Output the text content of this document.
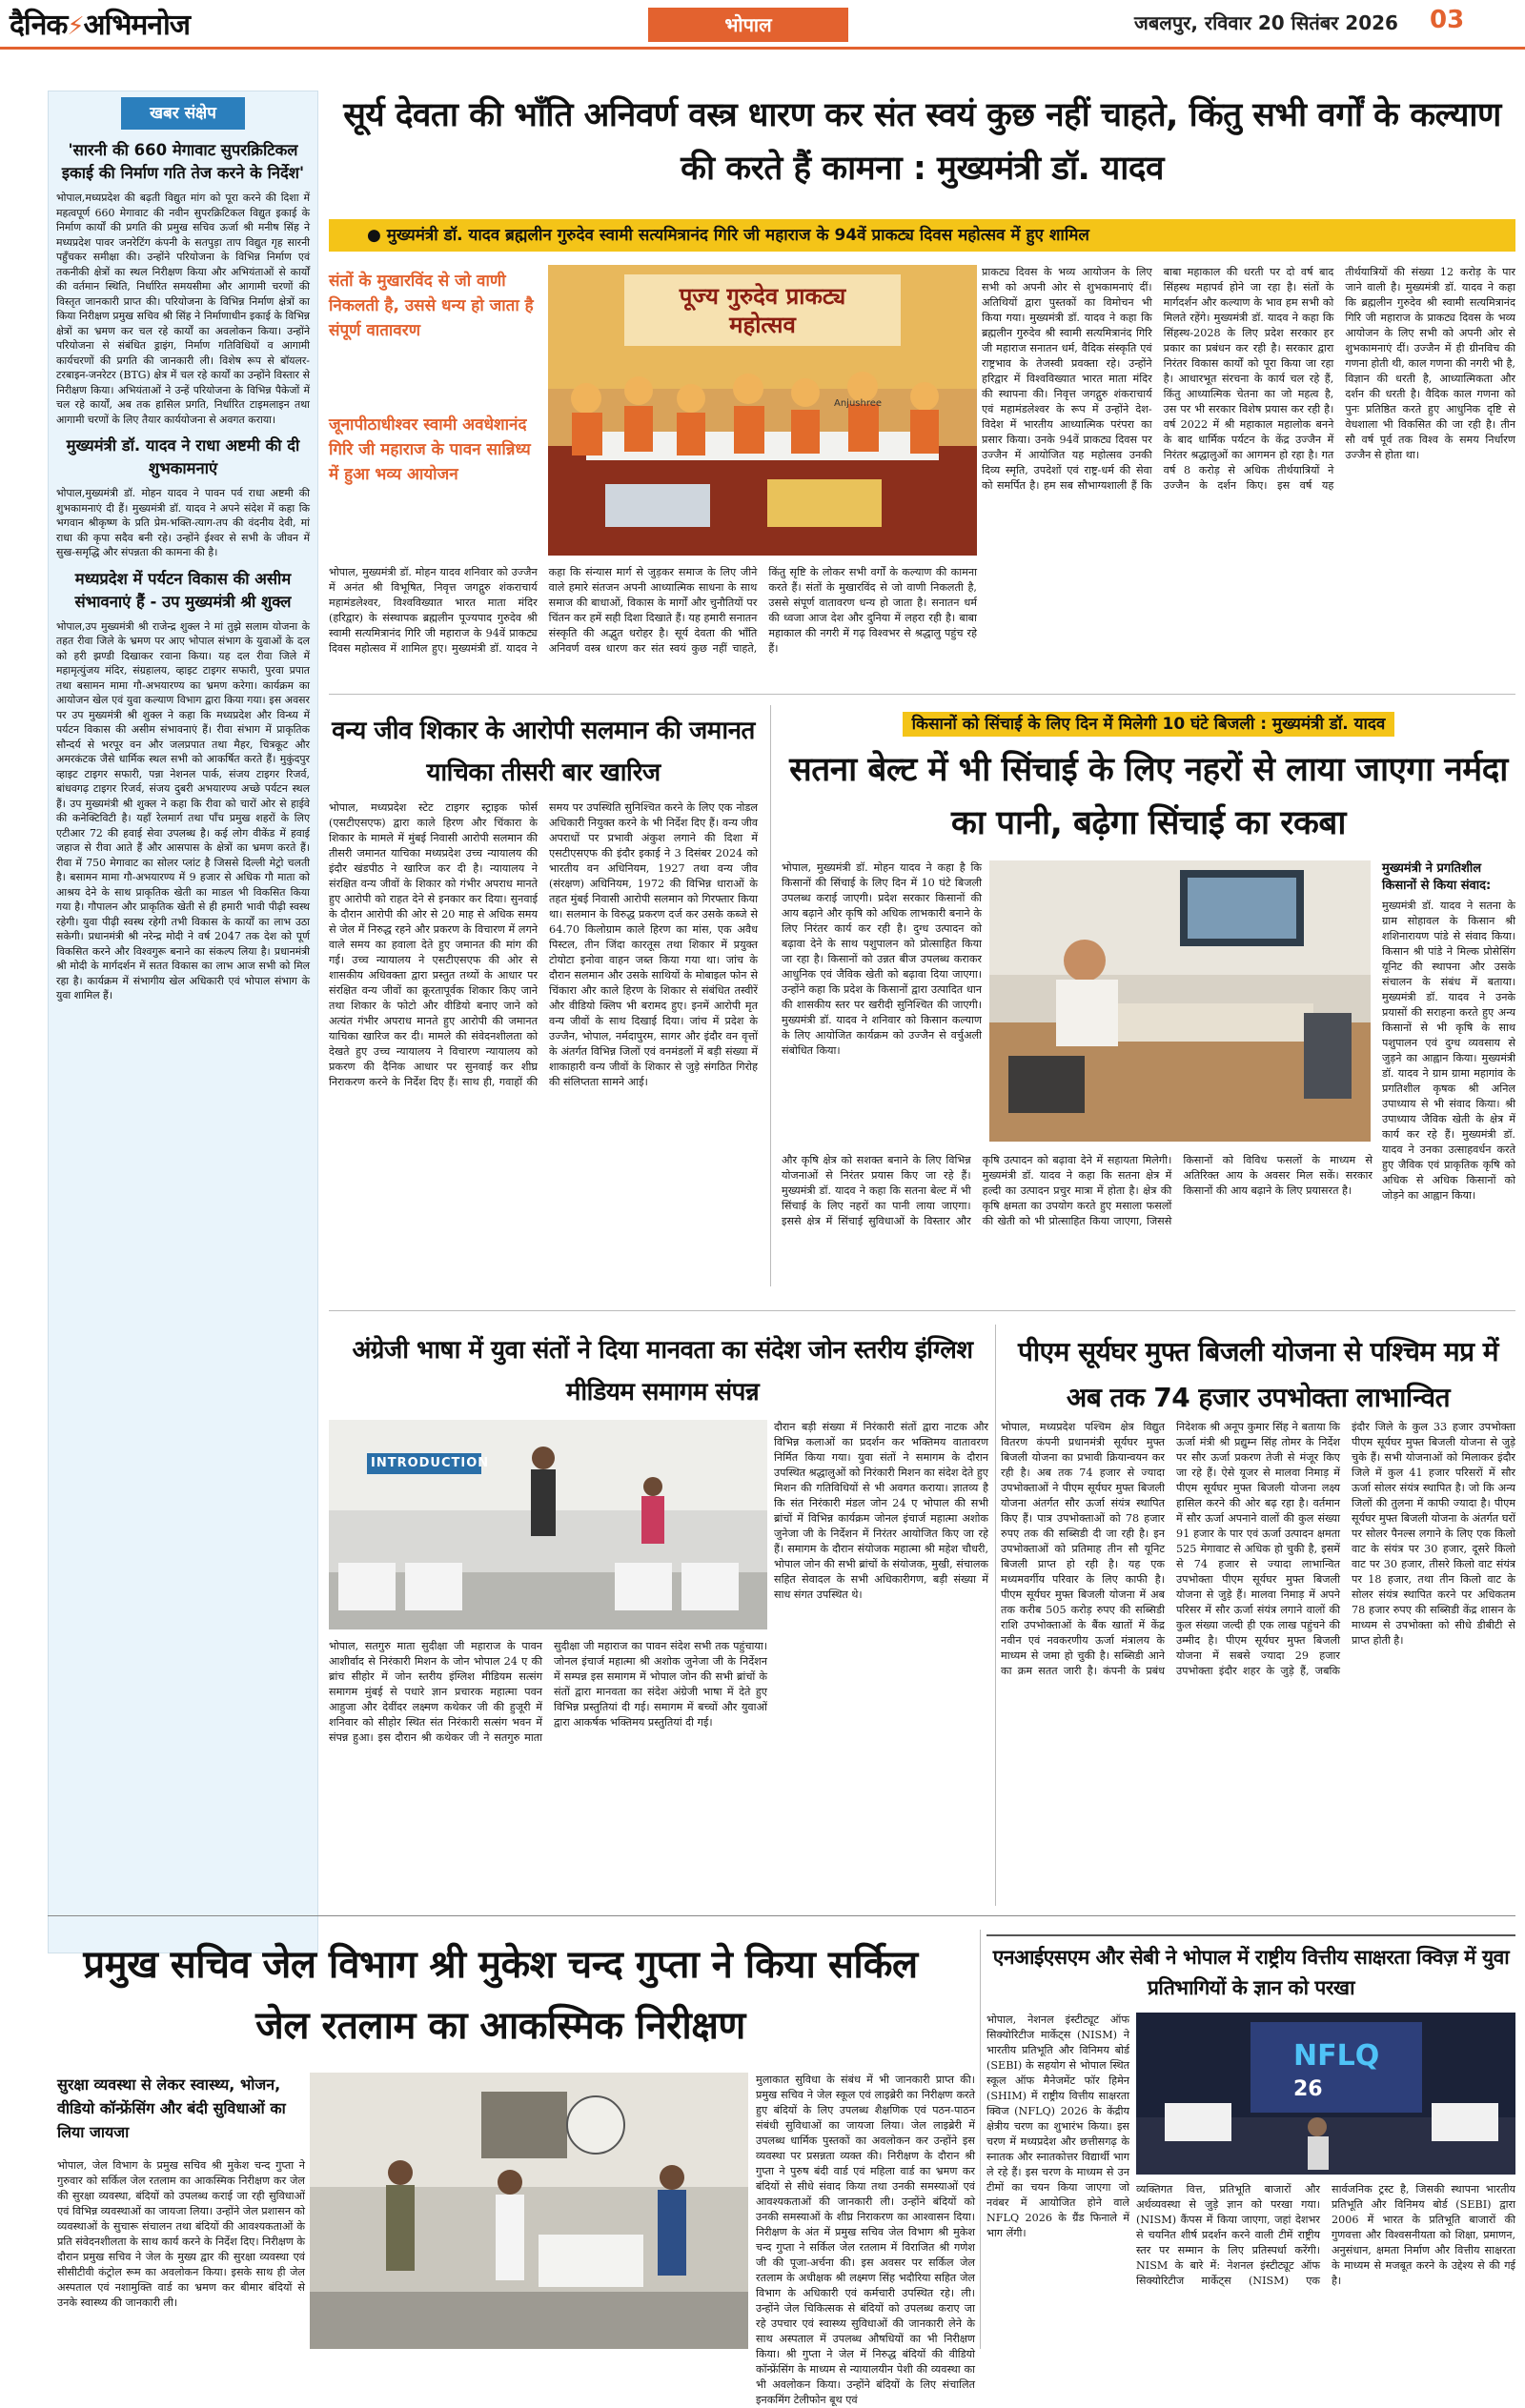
दैनिक⚡अभिमनोज	भोपाल	जबलपुर, रविवार 20 सितंबर 2026 03
खबर संक्षेप
'सारनी की 660 मेगावाट सुपरक्रिटिकल इकाई की निर्माण गति तेज करने के निर्देश'
भोपाल,मध्यप्रदेश की बढ़ती विद्युत मांग को पूरा करने की दिशा में महत्वपूर्ण 660 मेगावाट की नवीन सुपरक्रिटिकल विद्युत इकाई के निर्माण कार्यों की प्रगति की प्रमुख सचिव ऊर्जा श्री मनीष सिंह ने मध्यप्रदेश पावर जनरेटिंग कंपनी के सतपुड़ा ताप विद्युत गृह सारनी पहुँचकर समीक्षा की। उन्होंने परियोजना के विभिन्न निर्माण एवं तकनीकी क्षेत्रों का स्थल निरीक्षण किया और अभियंताओं से कार्यों की वर्तमान स्थिति, निर्धारित समयसीमा और आगामी चरणों की विस्तृत जानकारी प्राप्त की। परियोजना के विभिन्न निर्माण क्षेत्रों का किया निरीक्षण प्रमुख सचिव श्री सिंह ने निर्माणाधीन इकाई के विभिन्न क्षेत्रों का भ्रमण कर चल रहे कार्यों का अवलोकन किया। उन्होंने परियोजना से संबंधित ड्राइंग, निर्माण गतिविधियों व आगामी कार्यचरणों की प्रगति की जानकारी ली। विशेष रूप से बॉयलर-टरबाइन-जनरेटर (BTG) क्षेत्र में चल रहे कार्यों का उन्होंने विस्तार से निरीक्षण किया। अभियंताओं ने उन्हें परियोजना के विभिन्न पैकेजों में चल रहे कार्यों, अब तक हासिल प्रगति, निर्धारित टाइमलाइन तथा आगामी चरणों के लिए तैयार कार्ययोजना से अवगत कराया।
मुख्यमंत्री डॉ. यादव ने राधा अष्टमी की दी शुभकामनाएं
भोपाल,मुख्यमंत्री डॉ. मोहन यादव ने पावन पर्व राधा अष्टमी की शुभकामनाएं दी हैं। मुख्यमंत्री डॉ. यादव ने अपने संदेश में कहा कि भगवान श्रीकृष्ण के प्रति प्रेम-भक्ति-त्याग-तप की वंदनीय देवी, मां राधा की कृपा सदैव बनी रहे। उन्होंने ईश्वर से सभी के जीवन में सुख-समृद्धि और संपन्नता की कामना की है।
मध्यप्रदेश में पर्यटन विकास की असीम संभावनाएं हैं - उप मुख्यमंत्री श्री शुक्ल
भोपाल,उप मुख्यमंत्री श्री राजेन्द्र शुक्ल ने मां तुझे सलाम योजना के तहत रीवा जिले के भ्रमण पर आए भोपाल संभाग के युवाओं के दल को हरी झण्डी दिखाकर रवाना किया। यह दल रीवा जिले में महामृत्युंजय मंदिर, संग्रहालय, व्हाइट टाइगर सफारी, पुरवा प्रपात तथा बसामन मामा गौ-अभयारण्य का भ्रमण करेगा। कार्यक्रम का आयोजन खेल एवं युवा कल्याण विभाग द्वारा किया गया। इस अवसर पर उप मुख्यमंत्री श्री शुक्ल ने कहा कि मध्यप्रदेश और विन्ध्य में पर्यटन विकास की असीम संभावनाएं हैं। रीवा संभाग में प्राकृतिक सौन्दर्य से भरपूर वन और जलप्रपात तथा मैहर, चित्रकूट और अमरकंटक जैसे धार्मिक स्थल सभी को आकर्षित करते हैं। मुकुंदपुर व्हाइट टाइगर सफारी, पन्ना नेशनल पार्क, संजय टाइगर रिजर्व, बांधवगढ़ टाइगर रिजर्व, संजय दुबरी अभयारण्य अच्छे पर्यटन स्थल हैं। उप मुख्यमंत्री श्री शुक्ल ने कहा कि रीवा को चारों ओर से हाईवे की कनेक्टिविटी है। यहाँ रेलमार्ग तथा पाँच प्रमुख शहरों के लिए एटीआर 72 की हवाई सेवा उपलब्ध है। कई लोग वीकेंड में हवाई जहाज से रीवा आते हैं और आसपास के क्षेत्रों का भ्रमण करते हैं। रीवा में 750 मेगावाट का सोलर प्लांट है जिससे दिल्ली मेट्रो चलती है। बसामन मामा गौ-अभयारण्य में 9 हजार से अधिक गौ माता को आश्रय देने के साथ प्राकृतिक खेती का माडल भी विकसित किया गया है। गौपालन और प्राकृतिक खेती से ही हमारी भावी पीढ़ी स्वस्थ रहेगी। युवा पीढ़ी स्वस्थ रहेगी तभी विकास के कार्यों का लाभ उठा सकेगी। प्रधानमंत्री श्री नरेन्द्र मोदी ने वर्ष 2047 तक देश को पूर्ण विकसित करने और विश्वगुरू बनाने का संकल्प लिया है। प्रधानमंत्री श्री मोदी के मार्गदर्शन में सतत विकास का लाभ आज सभी को मिल रहा है। कार्यक्रम में संभागीय खेल अधिकारी एवं भोपाल संभाग के युवा शामिल हैं।
सूर्य देवता की भाँति अनिवर्ण वस्त्र धारण कर संत स्वयं कुछ नहीं चाहते, किंतु सभी वर्गों के कल्याण की करते हैं कामना : मुख्यमंत्री डॉ. यादव
● मुख्यमंत्री डॉ. यादव ब्रह्मलीन गुरुदेव स्वामी सत्यमित्रानंद गिरि जी महाराज के 94वें प्राकट्य दिवस महोत्सव में हुए शामिल
संतों के मुखारविंद से जो वाणी निकलती है, उससे धन्य हो जाता है संपूर्ण वातावरण
जूनापीठाधीश्वर स्वामी अवधेशानंद गिरि जी महाराज के पावन सान्निध्य में हुआ भव्य आयोजन
पूज्य गुरुदेव प्राकट्य महोत्सव
Anjushree
भोपाल, मुख्यमंत्री डॉ. मोहन यादव शनिवार को उज्जैन में अनंत श्री विभूषित, निवृत्त जगद्गुरु शंकराचार्य महामंडलेश्वर, विश्वविख्यात भारत माता मंदिर (हरिद्वार) के संस्थापक ब्रह्मलीन पूज्यपाद गुरुदेव श्री स्वामी सत्यमित्रानंद गिरि जी महाराज के 94वें प्राकट्य दिवस महोत्सव में शामिल हुए। मुख्यमंत्री डॉ. यादव ने कहा कि संन्यास मार्ग से जुड़कर समाज के लिए जीने वाले हमारे संतजन अपनी आध्यात्मिक साधना के साथ समाज की बाधाओं, विकास के मार्गों और चुनौतियों पर चिंतन कर हमें सही दिशा दिखाते हैं। यह हमारी सनातन संस्कृति की अद्भुत धरोहर है। सूर्य देवता की भाँति अनिवर्ण वस्त्र धारण कर संत स्वयं कुछ नहीं चाहते, किंतु सृष्टि के लोकर सभी वर्गों के कल्याण की कामना करते हैं। संतों के मुखारविंद से जो वाणी निकलती है, उससे संपूर्ण वातावरण धन्य हो जाता है। सनातन धर्म की ध्वजा आज देश और दुनिया में लहरा रही है। बाबा महाकाल की नगरी में गढ़ विश्वभर से श्रद्धालु पहुंच रहे हैं।
प्राकट्य दिवस के भव्य आयोजन के लिए सभी को अपनी ओर से शुभकामनाएं दीं। अतिथियों द्वारा पुस्तकों का विमोचन भी किया गया। मुख्यमंत्री डॉ. यादव ने कहा कि ब्रह्मलीन गुरुदेव श्री स्वामी सत्यमित्रानंद गिरि जी महाराज सनातन धर्म, वैदिक संस्कृति एवं राष्ट्रभाव के तेजस्वी प्रवक्ता रहे। उन्होंने हरिद्वार में विश्वविख्यात भारत माता मंदिर की स्थापना की। निवृत्त जगद्गुरु शंकराचार्य एवं महामंडलेश्वर के रूप में उन्होंने देश-विदेश में भारतीय आध्यात्मिक परंपरा का प्रसार किया। उनके 94वें प्राकट्य दिवस पर उज्जैन में आयोजित यह महोत्सव उनकी दिव्य स्मृति, उपदेशों एवं राष्ट्र-धर्म की सेवा को समर्पित है। हम सब सौभाग्यशाली हैं कि बाबा महाकाल की धरती पर दो वर्ष बाद सिंहस्थ महापर्व होने जा रहा है। संतों के मार्गदर्शन और कल्याण के भाव हम सभी को मिलते रहेंगे। मुख्यमंत्री डॉ. यादव ने कहा कि सिंहस्थ-2028 के लिए प्रदेश सरकार हर प्रकार का प्रबंधन कर रही है। सरकार द्वारा निरंतर विकास कार्यों को पूरा किया जा रहा है। आधारभूत संरचना के कार्य चल रहे हैं, किंतु आध्यात्मिक चेतना का जो महत्व है, उस पर भी सरकार विशेष प्रयास कर रही है। वर्ष 2022 में श्री महाकाल महालोक बनने के बाद धार्मिक पर्यटन के केंद्र उज्जैन में निरंतर श्रद्धालुओं का आगमन हो रहा है। गत वर्ष 8 करोड़ से अधिक तीर्थयात्रियों ने उज्जैन के दर्शन किए। इस वर्ष यह तीर्थयात्रियों की संख्या 12 करोड़ के पार जाने वाली है। मुख्यमंत्री डॉ. यादव ने कहा कि ब्रह्मलीन गुरुदेव श्री स्वामी सत्यमित्रानंद गिरि जी महाराज के प्राकट्य दिवस के भव्य आयोजन के लिए सभी को अपनी ओर से शुभकामनाएं दीं। उज्जैन में ही ग्रीनविच की गणना होती थी, काल गणना की नगरी भी है, विज्ञान की धरती है, आध्यात्मिकता और दर्शन की धरती है। वैदिक काल गणना को पुनः प्रतिष्ठित करते हुए आधुनिक दृष्टि से वेधशाला भी विकसित की जा रही है। तीन सौ वर्ष पूर्व तक विश्व के समय निर्धारण उज्जैन से होता था।
वन्य जीव शिकार के आरोपी सलमान की जमानत याचिका तीसरी बार खारिज
भोपाल, मध्यप्रदेश स्टेट टाइगर स्ट्राइक फोर्स (एसटीएसएफ) द्वारा काले हिरण और चिंकारा के शिकार के मामले में मुंबई निवासी आरोपी सलमान की तीसरी जमानत याचिका मध्यप्रदेश उच्च न्यायालय की इंदौर खंडपीठ ने खारिज कर दी है। न्यायालय ने संरक्षित वन्य जीवों के शिकार को गंभीर अपराध मानते हुए आरोपी को राहत देने से इनकार कर दिया। सुनवाई के दौरान आरोपी की ओर से 20 माह से अधिक समय से जेल में निरुद्ध रहने और प्रकरण के विचारण में लगने वाले समय का हवाला देते हुए जमानत की मांग की गई। उच्च न्यायालय ने एसटीएसएफ की ओर से शासकीय अधिवक्ता द्वारा प्रस्तुत तथ्यों के आधार पर संरक्षित वन्य जीवों का क्रूरतापूर्वक शिकार किए जाने तथा शिकार के फोटो और वीडियो बनाए जाने को अत्यंत गंभीर अपराध मानते हुए आरोपी की जमानत याचिका खारिज कर दी। मामले की संवेदनशीलता को देखते हुए उच्च न्यायालय ने विचारण न्यायालय को प्रकरण की दैनिक आधार पर सुनवाई कर शीघ्र निराकरण करने के निर्देश दिए हैं। साथ ही, गवाहों की समय पर उपस्थिति सुनिश्चित करने के लिए एक नोडल अधिकारी नियुक्त करने के भी निर्देश दिए हैं। वन्य जीव अपराधों पर प्रभावी अंकुश लगाने की दिशा में एसटीएसएफ की इंदौर इकाई ने 3 दिसंबर 2024 को भारतीय वन अधिनियम, 1927 तथा वन्य जीव (संरक्षण) अधिनियम, 1972 की विभिन्न धाराओं के तहत मुंबई निवासी आरोपी सलमान को गिरफ्तार किया था। सलमान के विरुद्ध प्रकरण दर्ज कर उसके कब्जे से 64.70 किलोग्राम काले हिरण का मांस, एक अवैध पिस्टल, तीन जिंदा कारतूस तथा शिकार में प्रयुक्त टोयोटा इनोवा वाहन जब्त किया गया था। जांच के दौरान सलमान और उसके साथियों के मोबाइल फोन से चिंकारा और काले हिरण के शिकार से संबंधित तस्वीरें और वीडियो क्लिप भी बरामद हुए। इनमें आरोपी मृत वन्य जीवों के साथ दिखाई दिया। जांच में प्रदेश के उज्जैन, भोपाल, नर्मदापुरम, सागर और इंदौर वन वृत्तों के अंतर्गत विभिन्न जिलों एवं वनमंडलों में बड़ी संख्या में शाकाहारी वन्य जीवों के शिकार से जुड़े संगठित गिरोह की संलिप्तता सामने आई।
किसानों को सिंचाई के लिए दिन में मिलेगी 10 घंटे बिजली : मुख्यमंत्री डॉ. यादव
सतना बेल्ट में भी सिंचाई के लिए नहरों से लाया जाएगा नर्मदा का पानी, बढ़ेगा सिंचाई का रकबा
भोपाल, मुख्यमंत्री डॉ. मोहन यादव ने कहा है कि किसानों की सिंचाई के लिए दिन में 10 घंटे बिजली उपलब्ध कराई जाएगी। प्रदेश सरकार किसानों की आय बढ़ाने और कृषि को अधिक लाभकारी बनाने के लिए निरंतर कार्य कर रही है। दुग्ध उत्पादन को बढ़ावा देने के साथ पशुपालन को प्रोत्साहित किया जा रहा है। किसानों को उन्नत बीज उपलब्ध कराकर आधुनिक एवं जैविक खेती को बढ़ावा दिया जाएगा। उन्होंने कहा कि प्रदेश के किसानों द्वारा उत्पादित धान की शासकीय स्तर पर खरीदी सुनिश्चित की जाएगी। मुख्यमंत्री डॉ. यादव ने शनिवार को किसान कल्याण के लिए आयोजित कार्यक्रम को उज्जैन से वर्चुअली संबोधित किया।
और कृषि क्षेत्र को सशक्त बनाने के लिए विभिन्न योजनाओं से निरंतर प्रयास किए जा रहे हैं। मुख्यमंत्री डॉ. यादव ने कहा कि सतना बेल्ट में भी सिंचाई के लिए नहरों का पानी लाया जाएगा। इससे क्षेत्र में सिंचाई सुविधाओं के विस्तार और कृषि उत्पादन को बढ़ावा देने में सहायता मिलेगी। मुख्यमंत्री डॉ. यादव ने कहा कि सतना क्षेत्र में हल्दी का उत्पादन प्रचुर मात्रा में होता है। क्षेत्र की कृषि क्षमता का उपयोग करते हुए मसाला फसलों की खेती को भी प्रोत्साहित किया जाएगा, जिससे किसानों को विविध फसलों के माध्यम से अतिरिक्त आय के अवसर मिल सकें। सरकार किसानों की आय बढ़ाने के लिए प्रयासरत है।
मुख्यमंत्री ने प्रगतिशील किसानों से किया संवाद:
मुख्यमंत्री डॉ. यादव ने सतना के ग्राम सोहावल के किसान श्री शशिनारायण पांडे से संवाद किया। किसान श्री पांडे ने मिल्क प्रोसेसिंग यूनिट की स्थापना और उसके संचालन के संबंध में बताया। मुख्यमंत्री डॉ. यादव ने उनके प्रयासों की सराहना करते हुए अन्य किसानों से भी कृषि के साथ पशुपालन एवं दुग्ध व्यवसाय से जुड़ने का आह्वान किया। मुख्यमंत्री डॉ. यादव ने ग्राम ग्रामा महागांव के प्रगतिशील कृषक श्री अनिल उपाध्याय से भी संवाद किया। श्री उपाध्याय जैविक खेती के क्षेत्र में कार्य कर रहे हैं। मुख्यमंत्री डॉ. यादव ने उनका उत्साहवर्धन करते हुए जैविक एवं प्राकृतिक कृषि को अधिक से अधिक किसानों को जोड़ने का आह्वान किया।
अंग्रेजी भाषा में युवा संतों ने दिया मानवता का संदेश जोन स्तरीय इंग्लिश मीडियम समागम संपन्न
INTRODUCTION
भोपाल, सतगुरु माता सुदीक्षा जी महाराज के पावन आशीर्वाद से निरंकारी मिशन के जोन भोपाल 24 ए की ब्रांच सीहोर में जोन स्तरीय इंग्लिश मीडियम सत्संग समागम मुंबई से पधारे ज्ञान प्रचारक महात्मा पवन आहुजा और देवींदर लक्ष्मण कथेकर जी की हुजूरी में शनिवार को सीहोर स्थित संत निरंकारी सत्संग भवन में संपन्न हुआ। इस दौरान श्री कथेकर जी ने सतगुरु माता सुदीक्षा जी महाराज का पावन संदेश सभी तक पहुंचाया। जोनल इंचार्ज महात्मा श्री अशोक जुनेजा जी के निर्देशन में सम्पन्न इस समागम में भोपाल जोन की सभी ब्रांचों के संतों द्वारा मानवता का संदेश अंग्रेजी भाषा में देते हुए विभिन्न प्रस्तुतियां दी गई। समागम में बच्चों और युवाओं द्वारा आकर्षक भक्तिमय प्रस्तुतियां दी गई।
दौरान बड़ी संख्या में निरंकारी संतों द्वारा नाटक और विभिन्न कलाओं का प्रदर्शन कर भक्तिमय वातावरण निर्मित किया गया। युवा संतों ने समागम के दौरान उपस्थित श्रद्धालुओं को निरंकारी मिशन का संदेश देते हुए मिशन की गतिविधियों से भी अवगत कराया। ज्ञातव्य है कि संत निरंकारी मंडल जोन 24 ए भोपाल की सभी ब्रांचों में विभिन्न कार्यक्रम जोनल इंचार्ज महात्मा अशोक जुनेजा जी के निर्देशन में निरंतर आयोजित किए जा रहे हैं। समागम के दौरान संयोजक महात्मा श्री महेश चौधरी, भोपाल जोन की सभी ब्रांचों के संयोजक, मुखी, संचालक सहित सेवादल के सभी अधिकारीगण, बड़ी संख्या में साध संगत उपस्थित थे।
पीएम सूर्यघर मुफ्त बिजली योजना से पश्चिम मप्र में अब तक 74 हजार उपभोक्ता लाभान्वित
भोपाल, मध्यप्रदेश पश्चिम क्षेत्र विद्युत वितरण कंपनी प्रधानमंत्री सूर्यघर मुफ्त बिजली योजना का प्रभावी क्रियान्वयन कर रही है। अब तक 74 हजार से ज्यादा उपभोक्ताओं ने पीएम सूर्यघर मुफ्त बिजली योजना अंतर्गत सौर ऊर्जा संयंत्र स्थापित किए हैं। पात्र उपभोक्ताओं को 78 हजार रुपए तक की सब्सिडी दी जा रही है। इन उपभोक्ताओं को प्रतिमाह तीन सौ यूनिट बिजली प्राप्त हो रही है। यह एक मध्यमवर्गीय परिवार के लिए काफी है। पीएम सूर्यघर मुफ्त बिजली योजना में अब तक करीब 505 करोड़ रुपए की सब्सिडी राशि उपभोक्ताओं के बैंक खातों में केंद्र नवीन एवं नवकरणीय ऊर्जा मंत्रालय के माध्यम से जमा हो चुकी है। सब्सिडी आने का क्रम सतत जारी है। कंपनी के प्रबंध निदेशक श्री अनूप कुमार सिंह ने बताया कि ऊर्जा मंत्री श्री प्रद्युम्न सिंह तोमर के निर्देश पर सौर ऊर्जा प्रकरण तेजी से मंजूर किए जा रहे हैं। ऐसे यूजर से मालवा निमाड़ में पीएम सूर्यघर मुफ्त बिजली योजना लक्ष्य हासिल करने की ओर बढ़ रहा है। वर्तमान में सौर ऊर्जा अपनाने वालों की कुल संख्या 91 हजार के पार एवं ऊर्जा उत्पादन क्षमता 525 मेगावाट से अधिक हो चुकी है, इसमें से 74 हजार से ज्यादा लाभान्वित उपभोक्ता पीएम सूर्यघर मुफ्त बिजली योजना से जुड़े हैं। मालवा निमाड़ में अपने परिसर में सौर ऊर्जा संयंत्र लगाने वालों की कुल संख्या जल्दी ही एक लाख पहुंचने की उम्मीद है। पीएम सूर्यघर मुफ्त बिजली योजना में सबसे ज्यादा 29 हजार उपभोक्ता इंदौर शहर के जुड़े हैं, जबकि इंदौर जिले के कुल 33 हजार उपभोक्ता पीएम सूर्यघर मुफ्त बिजली योजना से जुड़े चुके हैं। सभी योजनाओं को मिलाकर इंदौर जिले में कुल 41 हजार परिसरों में सौर ऊर्जा सोलर संयंत्र स्थापित है। जो कि अन्य जिलों की तुलना में काफी ज्यादा है। पीएम सूर्यघर मुफ्त बिजली योजना के अंतर्गत घरों पर सोलर पैनल्स लगाने के लिए एक किलो वाट के संयंत्र पर 30 हजार, दूसरे किलो वाट पर 30 हजार, तीसरे किलो वाट संयंत्र पर 18 हजार, तथा तीन किलो वाट के सोलर संयंत्र स्थापित करने पर अधिकतम 78 हजार रुपए की सब्सिडी केंद्र शासन के माध्यम से उपभोक्ता को सीधे डीबीटी से प्राप्त होती है।
प्रमुख सचिव जेल विभाग श्री मुकेश चन्द गुप्ता ने किया सर्किल जेल रतलाम का आकस्मिक निरीक्षण
सुरक्षा व्यवस्था से लेकर स्वास्थ्य, भोजन, वीडियो कॉन्फ्रेंसिंग और बंदी सुविधाओं का लिया जायजा
भोपाल, जेल विभाग के प्रमुख सचिव श्री मुकेश चन्द गुप्ता ने गुरुवार को सर्किल जेल रतलाम का आकस्मिक निरीक्षण कर जेल की सुरक्षा व्यवस्था, बंदियों को उपलब्ध कराई जा रही सुविधाओं एवं विभिन्न व्यवस्थाओं का जायजा लिया। उन्होंने जेल प्रशासन को व्यवस्थाओं के सुचारू संचालन तथा बंदियों की आवश्यकताओं के प्रति संवेदनशीलता के साथ कार्य करने के निर्देश दिए। निरीक्षण के दौरान प्रमुख सचिव ने जेल के मुख्य द्वार की सुरक्षा व्यवस्था एवं सीसीटीवी कंट्रोल रूम का अवलोकन किया। इसके साथ ही जेल अस्पताल एवं नशामुक्ति वार्ड का भ्रमण कर बीमार बंदियों से उनके स्वास्थ्य की जानकारी ली।
मुलाकात सुविधा के संबंध में भी जानकारी प्राप्त की। प्रमुख सचिव ने जेल स्कूल एवं लाइब्रेरी का निरीक्षण करते हुए बंदियों के लिए उपलब्ध शैक्षणिक एवं पठन-पाठन संबंधी सुविधाओं का जायजा लिया। जेल लाइब्रेरी में उपलब्ध धार्मिक पुस्तकों का अवलोकन कर उन्होंने इस व्यवस्था पर प्रसन्नता व्यक्त की। निरीक्षण के दौरान श्री गुप्ता ने पुरुष बंदी वार्ड एवं महिला वार्ड का भ्रमण कर बंदियों से सीधे संवाद किया तथा उनकी समस्याओं एवं आवश्यकताओं की जानकारी ली। उन्होंने बंदियों को उनकी समस्याओं के शीघ्र निराकरण का आश्वासन दिया। निरीक्षण के अंत में प्रमुख सचिव जेल विभाग श्री मुकेश चन्द गुप्ता ने सर्किल जेल रतलाम में विराजित श्री गणेश जी की पूजा-अर्चना की। इस अवसर पर सर्किल जेल रतलाम के अधीक्षक श्री लक्ष्मण सिंह भदौरिया सहित जेल विभाग के अधिकारी एवं कर्मचारी उपस्थित रहे। ली। उन्होंने जेल चिकित्सक से बंदियों को उपलब्ध कराए जा रहे उपचार एवं स्वास्थ्य सुविधाओं की जानकारी लेने के साथ अस्पताल में उपलब्ध औषधियों का भी निरीक्षण किया। श्री गुप्ता ने जेल में निरुद्ध बंदियों की वीडियो कॉन्फ्रेंसिंग के माध्यम से न्यायालयीन पेशी की व्यवस्था का भी अवलोकन किया। उन्होंने बंदियों के लिए संचालित इनकमिंग टेलीफोन बूथ एवं
एनआईएसएम और सेबी ने भोपाल में राष्ट्रीय वित्तीय साक्षरता क्विज़ में युवा प्रतिभागियों के ज्ञान को परखा
भोपाल, नेशनल इंस्टीट्यूट ऑफ सिक्योरिटीज मार्केट्स (NISM) ने भारतीय प्रतिभूति और विनिमय बोर्ड (SEBI) के सहयोग से भोपाल स्थित स्कूल ऑफ मैनेजमेंट फॉर हिमेन (SHIM) में राष्ट्रीय वित्तीय साक्षरता क्विज (NFLQ) 2026 के केंद्रीय क्षेत्रीय चरण का शुभारंभ किया। इस चरण में मध्यप्रदेश और छत्तीसगढ़ के स्नातक और स्नातकोत्तर विद्यार्थी भाग ले रहे हैं। इस चरण के माध्यम से उन टीमों का चयन किया जाएगा जो नवंबर में आयोजित होने वाले NFLQ 2026 के ग्रैंड फिनाले में भाग लेंगी।
NFLQ
26
व्यक्तिगत वित्त, प्रतिभूति बाजारों और अर्थव्यवस्था से जुड़े ज्ञान को परखा गया। (NISM) कैंपस में किया जाएगा, जहां देशभर से चयनित शीर्ष प्रदर्शन करने वाली टीमें राष्ट्रीय स्तर पर सम्मान के लिए प्रतिस्पर्धा करेंगी। NISM के बारे में: नेशनल इंस्टीट्यूट ऑफ सिक्योरिटीज मार्केट्स (NISM) एक सार्वजनिक ट्रस्ट है, जिसकी स्थापना भारतीय प्रतिभूति और विनिमय बोर्ड (SEBI) द्वारा 2006 में भारत के प्रतिभूति बाजारों की गुणवत्ता और विश्वसनीयता को शिक्षा, प्रमाणन, अनुसंधान, क्षमता निर्माण और वित्तीय साक्षरता के माध्यम से मजबूत करने के उद्देश्य से की गई है।
